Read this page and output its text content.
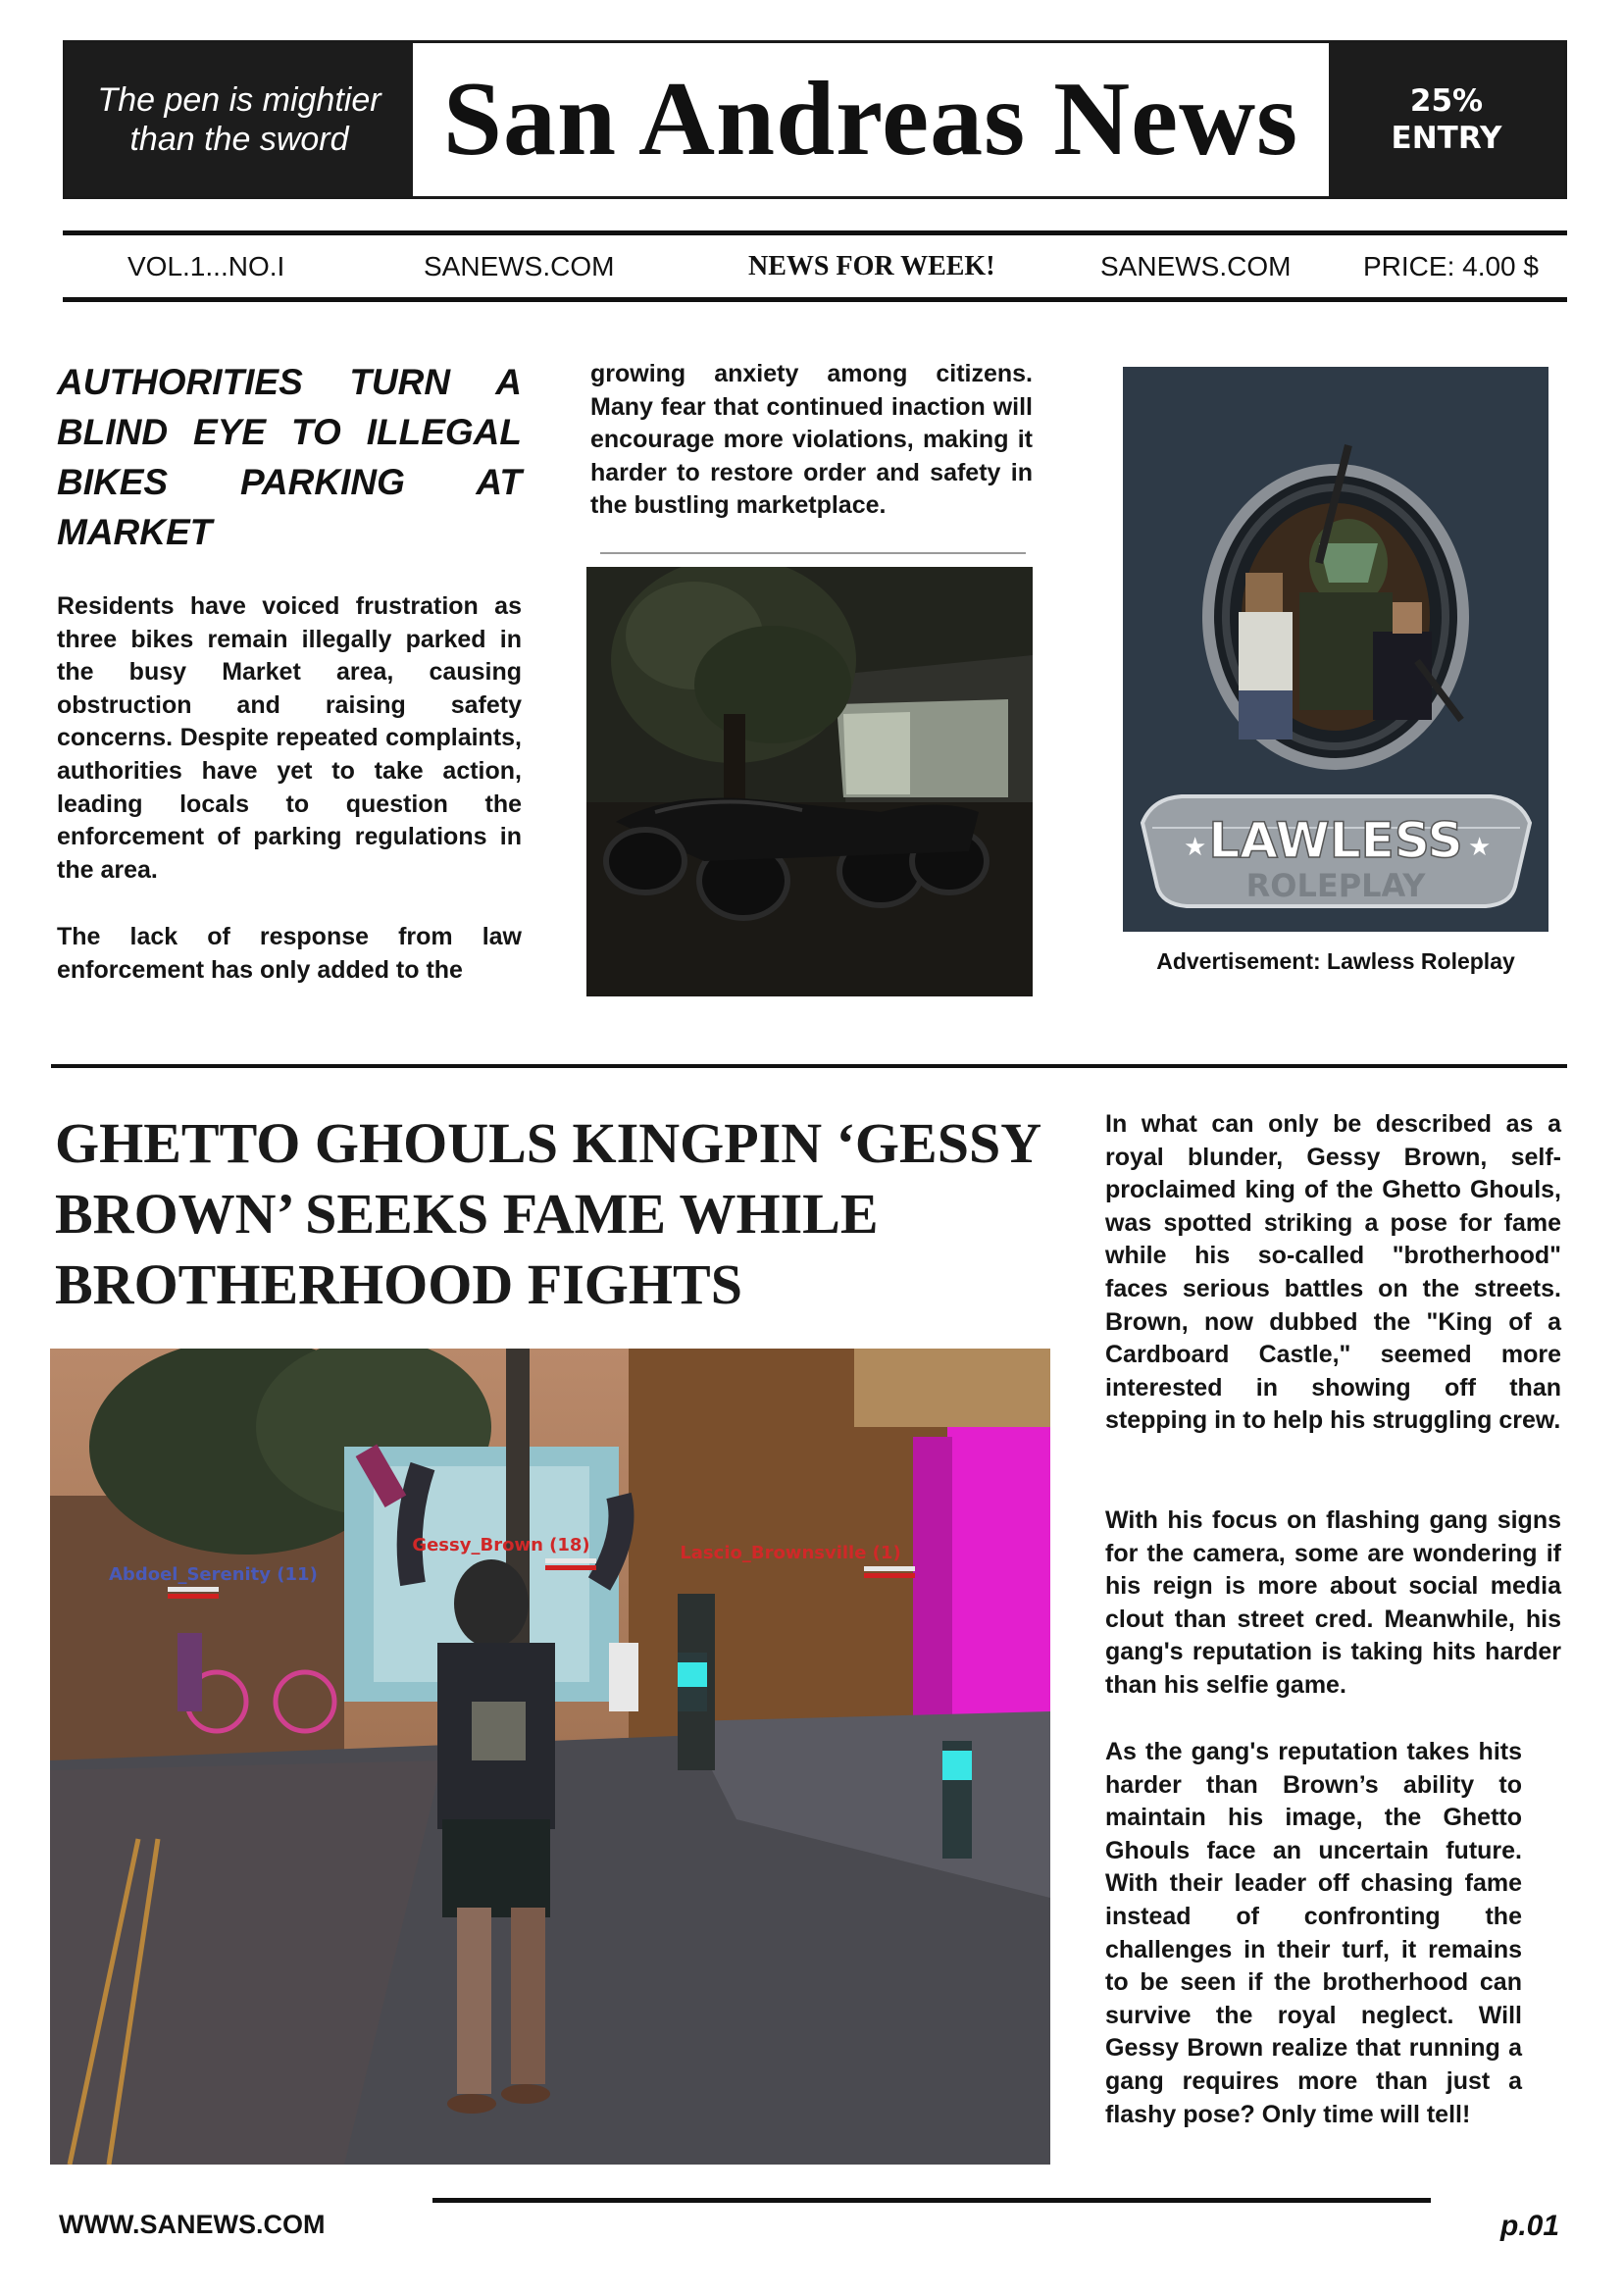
The pen is mightier
than the sword San Andreas News	25%
ENTRY
VOL.1...NO.I	SANEWS.COM	NEWS FOR WEEK!	SANEWS.COM	PRICE: 4.00 $
AUTHORITIES TURN A BLIND EYE TO ILLEGAL BIKES PARKING AT MARKET
Residents have voiced frustration as three bikes remain illegally parked in the busy Market area, causing obstruction and raising safety concerns. Despite repeated complaints, authorities have yet to take action, leading locals to question the enforcement of parking regulations in the area.
The lack of response from law enforcement has only added to the
growing anxiety among citizens. Many fear that continued inaction will encourage more violations, making it harder to restore order and safety in the bustling marketplace.
LAWLESS
ROLEPLAY
★	★
Advertisement: Lawless Roleplay
GHETTO GHOULS KINGPIN ‘GESSY BROWN’ SEEKS FAME WHILE BROTHERHOOD FIGHTS
Abdoel_Serenity (11)
Gessy_Brown (18)	Lascio_Brownsville (1)
In what can only be described as a royal blunder, Gessy Brown, self-proclaimed king of the Ghetto Ghouls, was spotted striking a pose for fame while his so-called "brotherhood" faces serious battles on the streets. Brown, now dubbed the "King of a Cardboard Castle," seemed more interested in showing off than stepping in to help his struggling crew.
With his focus on flashing gang signs for the camera, some are wondering if his reign is more about social media clout than street cred. Meanwhile, his gang's reputation is taking hits harder than his selfie game.
As the gang's reputation takes hits harder than Brown’s ability to maintain his image, the Ghetto Ghouls face an uncertain future. With their leader off chasing fame instead of confronting the challenges in their turf, it remains to be seen if the brotherhood can survive the royal neglect. Will Gessy Brown realize that running a gang requires more than just a flashy pose? Only time will tell!
WWW.SANEWS.COM	p.01
